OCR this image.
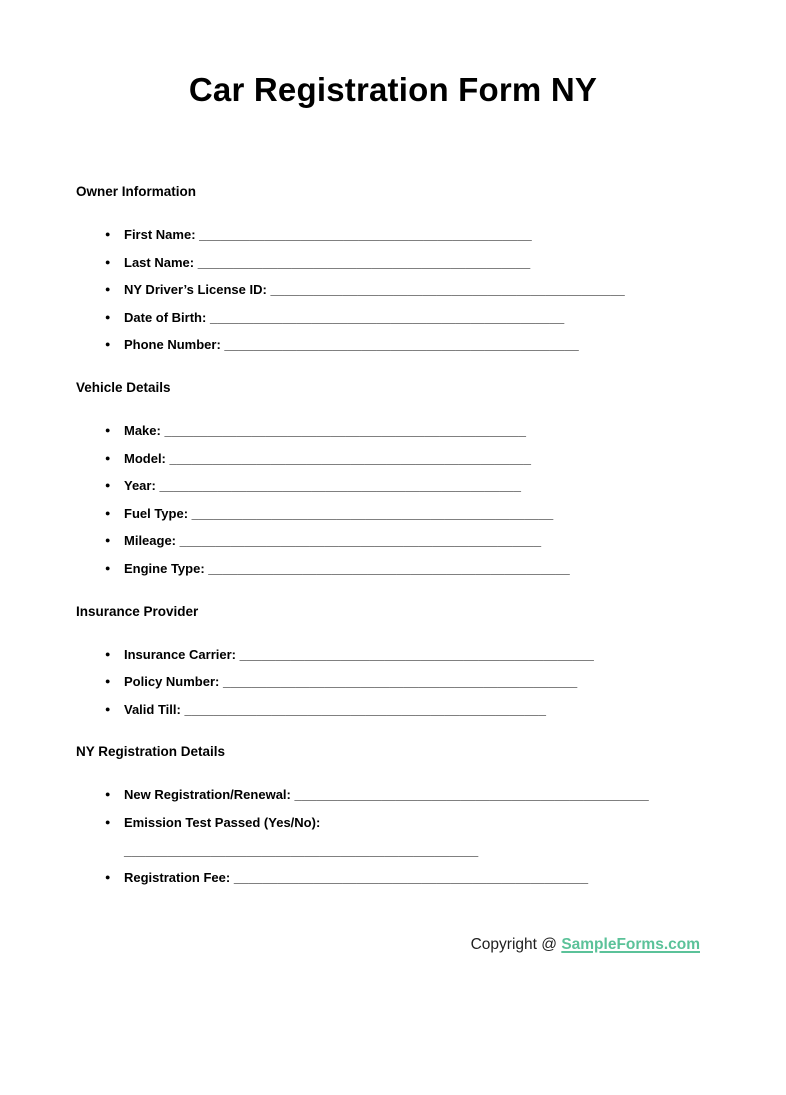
Car Registration Form NY
Owner Information
● First Name: ______________________________________________
● Last Name: ______________________________________________
● NY Driver’s License ID: _________________________________________________
● Date of Birth: _________________________________________________
● Phone Number: _________________________________________________
Vehicle Details
● Make: __________________________________________________
● Model: __________________________________________________
● Year: __________________________________________________
● Fuel Type: __________________________________________________
● Mileage: __________________________________________________
● Engine Type: __________________________________________________
Insurance Provider
● Insurance Carrier: _________________________________________________
● Policy Number: _________________________________________________
● Valid Till: __________________________________________________
NY Registration Details
● New Registration/Renewal: _________________________________________________
● Emission Test Passed (Yes/No):
_________________________________________________
● Registration Fee: _________________________________________________
Copyright @ SampleForms.com
